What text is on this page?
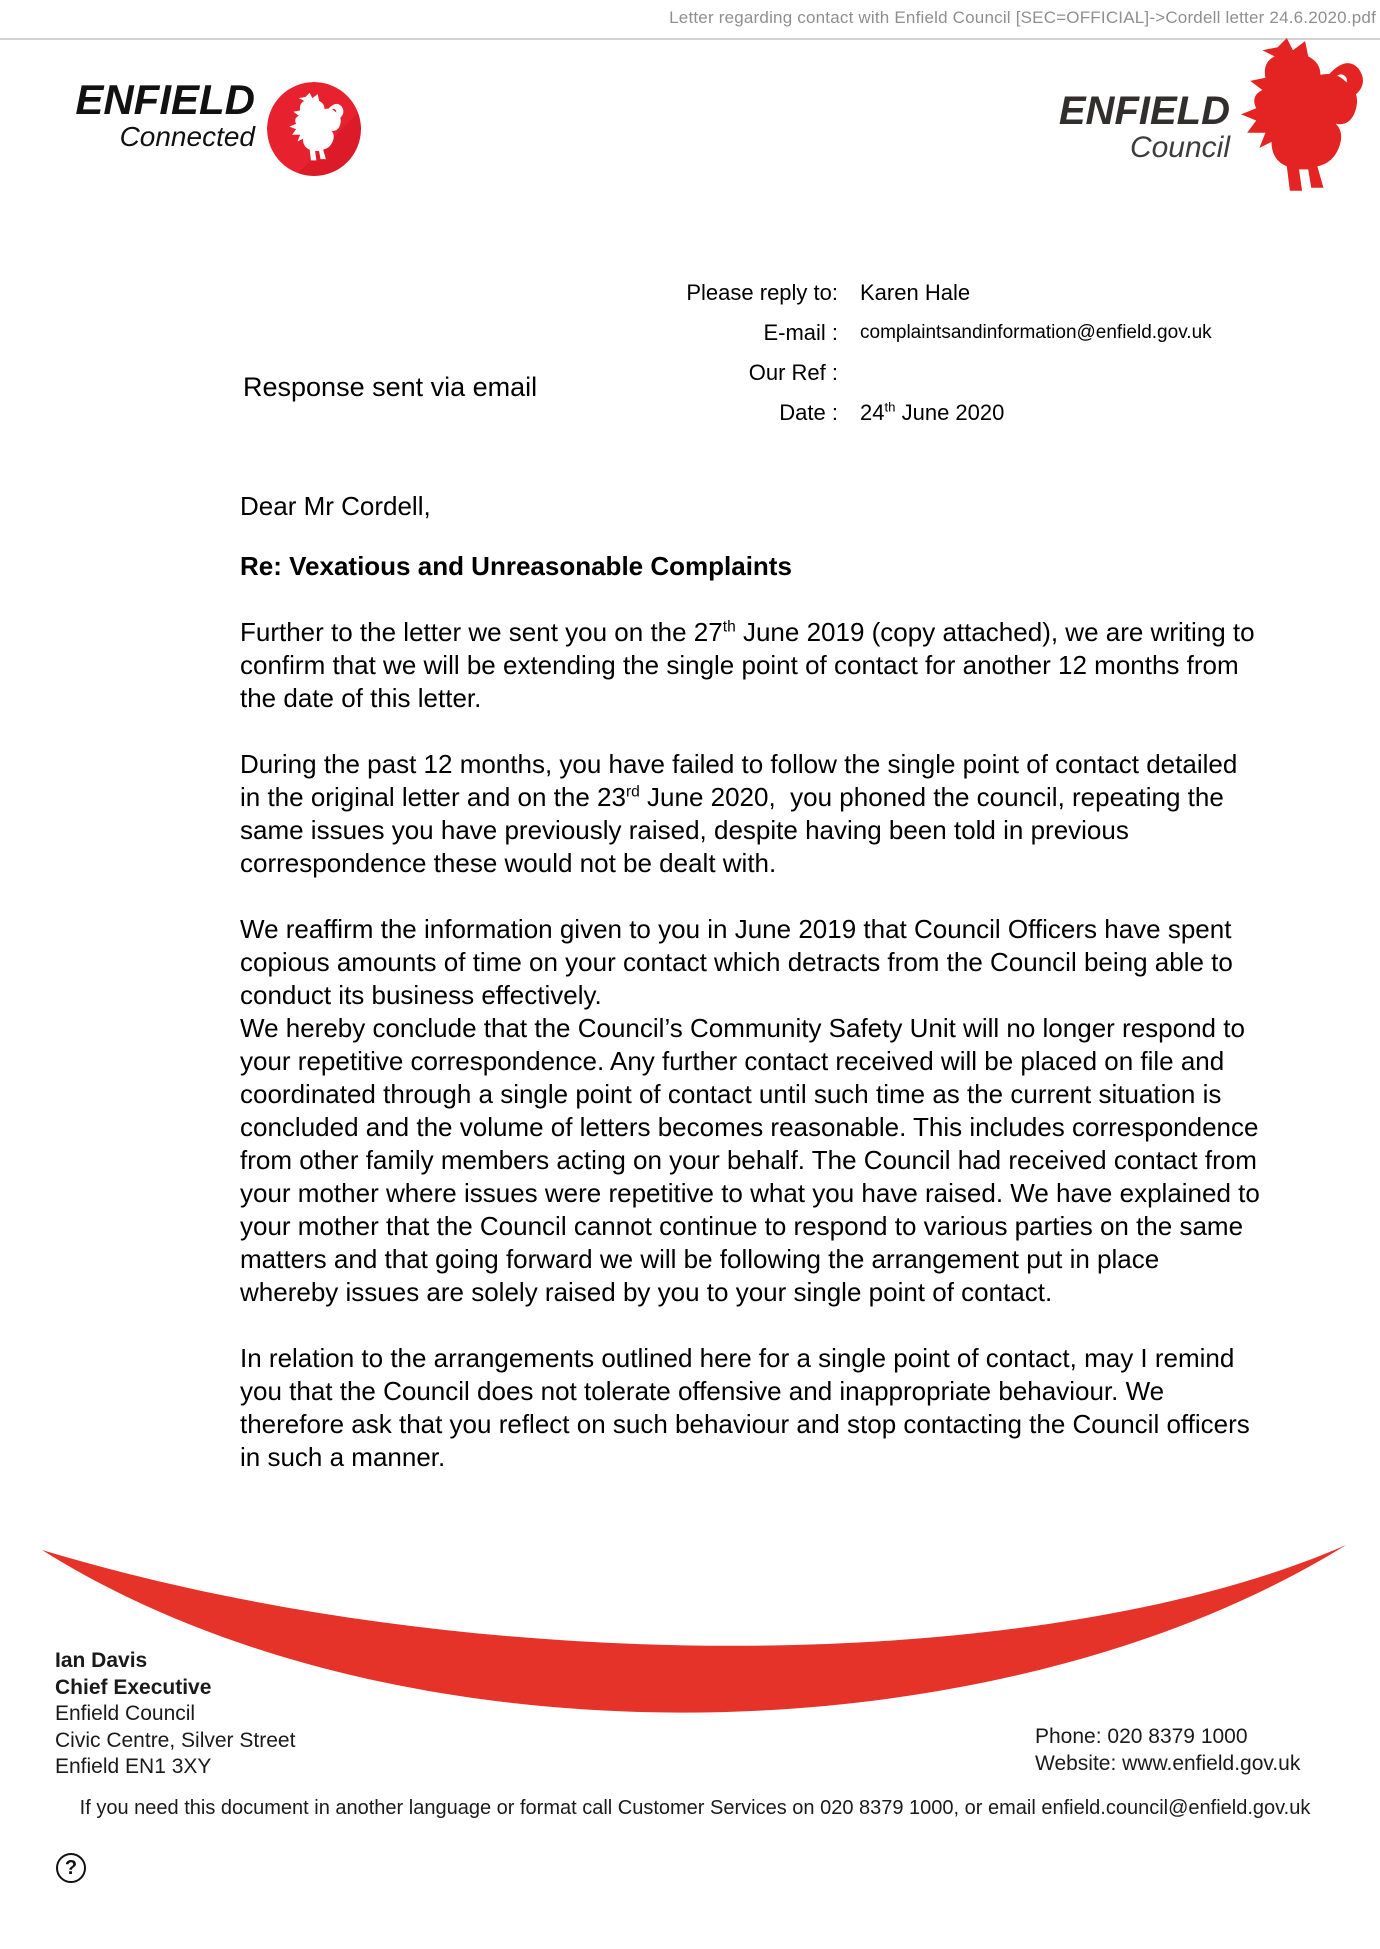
Letter regarding contact with Enfield Council [SEC=OFFICIAL]->Cordell letter 24.6.2020.pdf
ENFIELD
Connected
ENFIELD
Council
Please reply to: Karen Hale
E-mail : complaintsandinformation@enfield.gov.uk
Our Ref :
Date : 24th June 2020
Response sent via email

Dear Mr Cordell,

Re: Vexatious and Unreasonable Complaints

Further to the letter we sent you on the 27th June 2019 (copy attached), we are writing to confirm that we will be extending the single point of contact for another 12 months from the date of this letter.

During the past 12 months, you have failed to follow the single point of contact detailed in the original letter and on the 23rd June 2020,  you phoned the council, repeating the same issues you have previously raised, despite having been told in previous correspondence these would not be dealt with.

We reaffirm the information given to you in June 2019 that Council Officers have spent copious amounts of time on your contact which detracts from the Council being able to conduct its business effectively.

We hereby conclude that the Council’s Community Safety Unit will no longer respond to your repetitive correspondence. Any further contact received will be placed on file and coordinated through a single point of contact until such time as the current situation is concluded and the volume of letters becomes reasonable. This includes correspondence from other family members acting on your behalf. The Council had received contact from your mother where issues were repetitive to what you have raised. We have explained to your mother that the Council cannot continue to respond to various parties on the same matters and that going forward we will be following the arrangement put in place whereby issues are solely raised by you to your single point of contact.

In relation to the arrangements outlined here for a single point of contact, may I remind you that the Council does not tolerate offensive and inappropriate behaviour. We therefore ask that you reflect on such behaviour and stop contacting the Council officers in such a manner.

Ian Davis
Chief Executive
Enfield Council
Civic Centre, Silver Street
Enfield EN1 3XY
Phone: 020 8379 1000
Website: www.enfield.gov.uk
If you need this document in another language or format call Customer Services on 020 8379 1000, or email enfield.council@enfield.gov.uk
?
